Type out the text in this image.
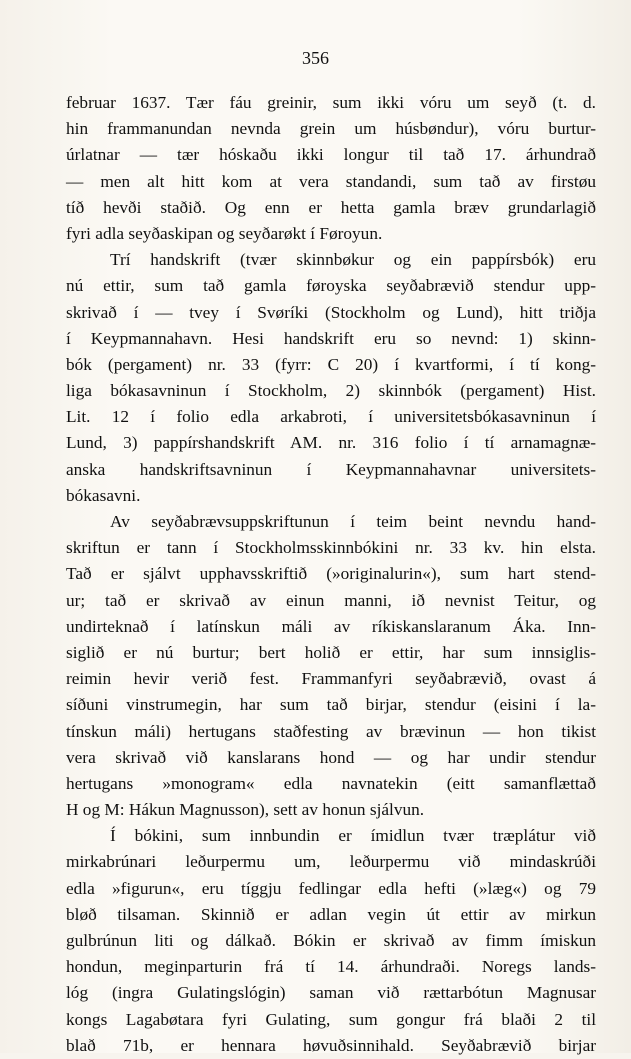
356
februar 1637. Tær fáu greinir, sum ikki vóru um seyð (t. d.
hin frammanundan nevnda grein um húsbøndur), vóru burtur-
úrlatnar — tær hóskaðu ikki longur til tað 17. árhundrað
— men alt hitt kom at vera standandi, sum tað av firstøu
tíð hevði staðið. Og enn er hetta gamla bræv grundarlagið
fyri adla seyðaskipan og seyðarøkt í Føroyun.
Trí handskrift (tvær skinnbøkur og ein pappírsbók) eru
nú ettir, sum tað gamla føroyska seyðabrævið stendur upp-
skrivað í — tvey í Svøríki (Stockholm og Lund), hitt triðja
í Keypmannahavn. Hesi handskrift eru so nevnd: 1) skinn-
bók (pergament) nr. 33 (fyrr: C 20) í kvartformi, í tí kong-
liga bókasavninun í Stockholm, 2) skinnbók (pergament) Hist.
Lit. 12 í folio edla arkabroti, í universitetsbókasavninun í
Lund, 3) pappírshandskrift AM. nr. 316 folio í tí arnamagnæ-
anska handskriftsavninun í Keypmannahavnar universitets-
bókasavni.
Av seyðabrævsuppskriftunun í teim beint nevndu hand-
skriftun er tann í Stockholmsskinnbókini nr. 33 kv. hin elsta.
Tað er sjálvt upphavsskriftið (»originalurin«), sum hart stend-
ur; tað er skrivað av einun manni, ið nevnist Teitur, og
undirteknað í latínskun máli av ríkiskanslaranum Áka. Inn-
siglið er nú burtur; bert holið er ettir, har sum innsiglis-
reimin hevir verið fest. Frammanfyri seyðabrævið, ovast á
síðuni vinstrumegin, har sum tað birjar, stendur (eisini í la-
tínskun máli) hertugans staðfesting av brævinun — hon tikist
vera skrivað við kanslarans hond — og har undir stendur
hertugans »monogram« edla navnatekin (eitt samanflættað
H og M: Hákun Magnusson), sett av honun sjálvun.
Í bókini, sum innbundin er ímidlun tvær træplátur við
mirkabrúnari leðurpermu um, leðurpermu við mindaskrúði
edla »figurun«, eru tíggju fedlingar edla hefti (»læg«) og 79
bløð tilsaman. Skinnið er adlan vegin út ettir av mirkun
gulbrúnun liti og dálkað. Bókin er skrivað av fimm ímiskun
hondun, meginparturin frá tí 14. árhundraði. Noregs lands-
lóg (ingra Gulatingslógin) saman við rættarbótun Magnusar
kongs Lagabøtara fyri Gulating, sum gongur frá blaði 2 til
blað 71b, er hennara høvuðsinnihald. Seyðabrævið birjar
